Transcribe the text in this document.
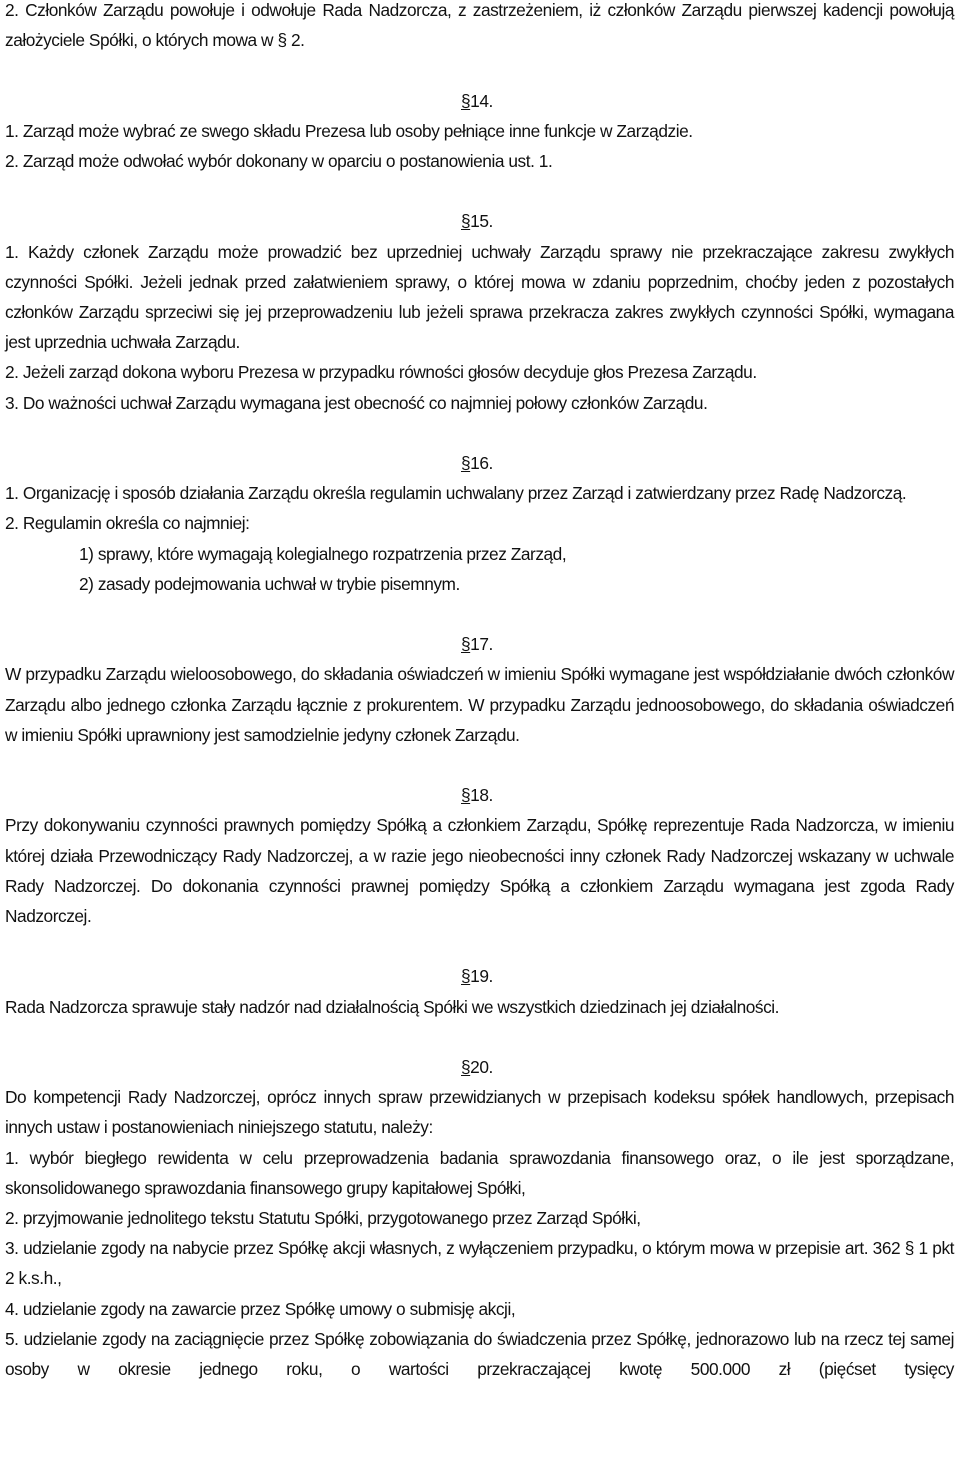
2. Członków Zarządu powołuje i odwołuje Rada Nadzorcza, z zastrzeżeniem, iż członków Zarządu pierwszej kadencji powołują założyciele Spółki, o których mowa w § 2.

§14.

1. Zarząd może wybrać ze swego składu Prezesa lub osoby pełniące inne funkcje w Zarządzie.

2. Zarząd może odwołać wybór dokonany w oparciu o postanowienia ust. 1.

§15.

1. Każdy członek Zarządu może prowadzić bez uprzedniej uchwały Zarządu sprawy nie przekraczające zakresu zwykłych czynności Spółki. Jeżeli jednak przed załatwieniem sprawy, o której mowa w zdaniu poprzednim, choćby jeden z pozostałych członków Zarządu sprzeciwi się jej przeprowadzeniu lub jeżeli sprawa przekracza zakres zwykłych czynności Spółki, wymagana jest uprzednia uchwała Zarządu.

2. Jeżeli zarząd dokona wyboru Prezesa w przypadku równości głosów decyduje głos Prezesa Zarządu.

3. Do ważności uchwał Zarządu wymagana jest obecność co najmniej połowy członków Zarządu.

§16.

1. Organizację i sposób działania Zarządu określa regulamin uchwalany przez Zarząd i zatwierdzany przez Radę Nadzorczą.

2. Regulamin określa co najmniej:

1) sprawy, które wymagają kolegialnego rozpatrzenia przez Zarząd,

2) zasady podejmowania uchwał w trybie pisemnym.

§17.

W przypadku Zarządu wieloosobowego, do składania oświadczeń w imieniu Spółki wymagane jest współdziałanie dwóch członków Zarządu albo jednego członka Zarządu łącznie z prokurentem. W przypadku Zarządu jednoosobowego, do składania oświadczeń w imieniu Spółki uprawniony jest samodzielnie jedyny członek Zarządu.

§18.

Przy dokonywaniu czynności prawnych pomiędzy Spółką a członkiem Zarządu, Spółkę reprezentuje Rada Nadzorcza, w imieniu której działa Przewodniczący Rady Nadzorczej, a w razie jego nieobecności inny członek Rady Nadzorczej wskazany w uchwale Rady Nadzorczej. Do dokonania czynności prawnej pomiędzy Spółką a członkiem Zarządu wymagana jest zgoda Rady Nadzorczej.

§19.

Rada Nadzorcza sprawuje stały nadzór nad działalnością Spółki we wszystkich dziedzinach jej działalności.

§20.

Do kompetencji Rady Nadzorczej, oprócz innych spraw przewidzianych w przepisach kodeksu spółek handlowych, przepisach innych ustaw i postanowieniach niniejszego statutu, należy:

1. wybór biegłego rewidenta w celu przeprowadzenia badania sprawozdania finansowego oraz, o ile jest sporządzane, skonsolidowanego sprawozdania finansowego grupy kapitałowej Spółki,

2. przyjmowanie jednolitego tekstu Statutu Spółki, przygotowanego przez Zarząd Spółki,

3. udzielanie zgody na nabycie przez Spółkę akcji własnych, z wyłączeniem przypadku, o którym mowa w przepisie art. 362 § 1 pkt 2 k.s.h.,

4. udzielanie zgody na zawarcie przez Spółkę umowy o submisję akcji,

5. udzielanie zgody na zaciągnięcie przez Spółkę zobowiązania do świadczenia przez Spółkę, jednorazowo lub na rzecz tej samej osoby w okresie jednego roku, o wartości przekraczającej kwotę 500.000 zł (pięćset tysięcy
